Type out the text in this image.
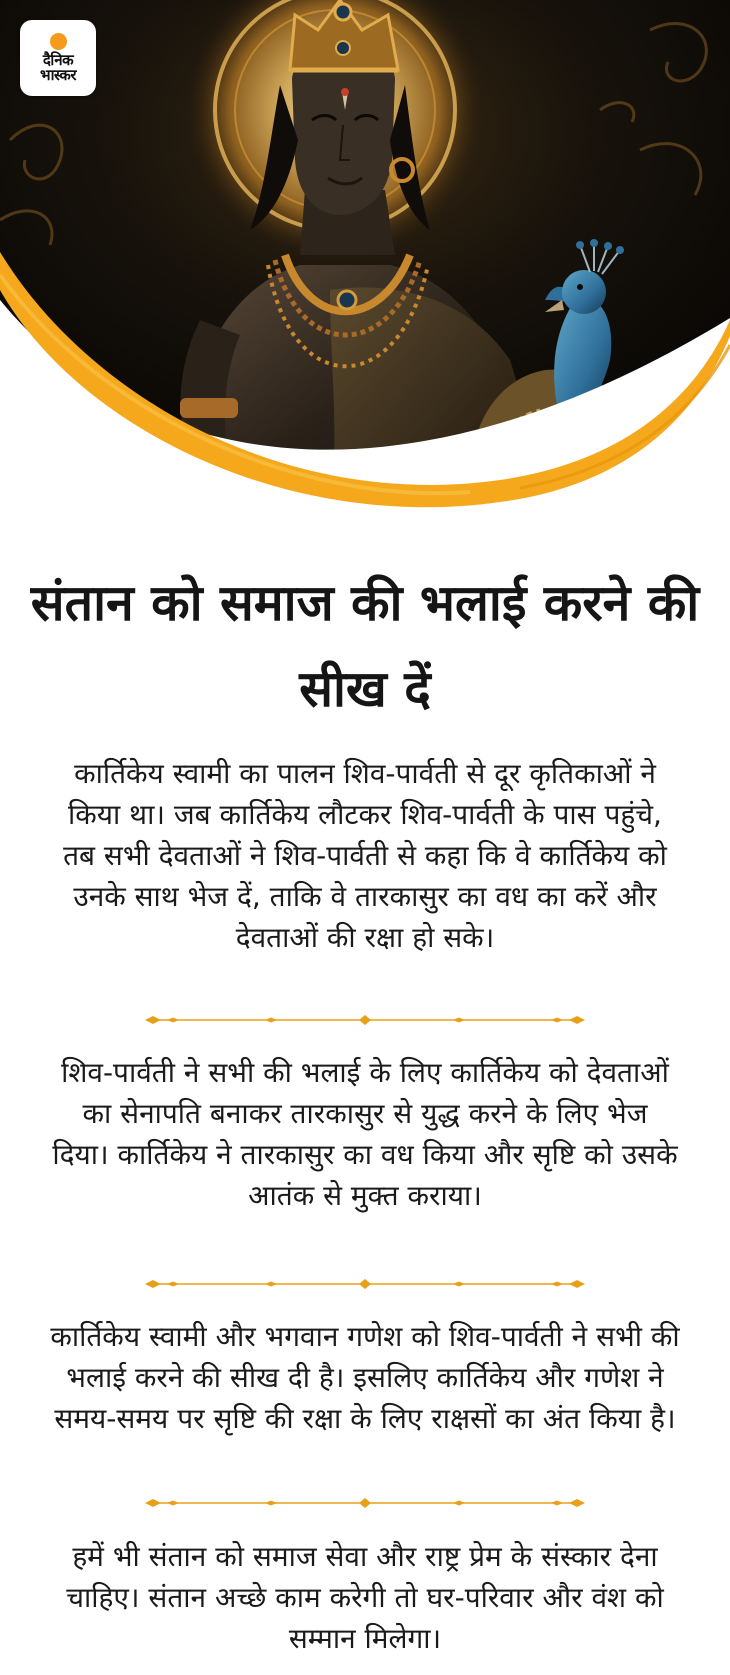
दैनिक
भास्कर
संतान को समाज की भलाई करने की सीख दें

कार्तिकेय स्वामी का पालन शिव-पार्वती से दूर कृतिकाओं ने किया था। जब कार्तिकेय लौटकर शिव-पार्वती के पास पहुंचे, तब सभी देवताओं ने शिव-पार्वती से कहा कि वे कार्तिकेय को उनके साथ भेज दें, ताकि वे तारकासुर का वध का करें और देवताओं की रक्षा हो सके।

शिव-पार्वती ने सभी की भलाई के लिए कार्तिकेय को देवताओं का सेनापति बनाकर तारकासुर से युद्ध करने के लिए भेज दिया। कार्तिकेय ने तारकासुर का वध किया और सृष्टि को उसके आतंक से मुक्त कराया।

कार्तिकेय स्वामी और भगवान गणेश को शिव-पार्वती ने सभी की भलाई करने की सीख दी है। इसलिए कार्तिकेय और गणेश ने समय-समय पर सृष्टि की रक्षा के लिए राक्षसों का अंत किया है।

हमें भी संतान को समाज सेवा और राष्ट्र प्रेम के संस्कार देना चाहिए। संतान अच्छे काम करेगी तो घर-परिवार और वंश को सम्मान मिलेगा।
